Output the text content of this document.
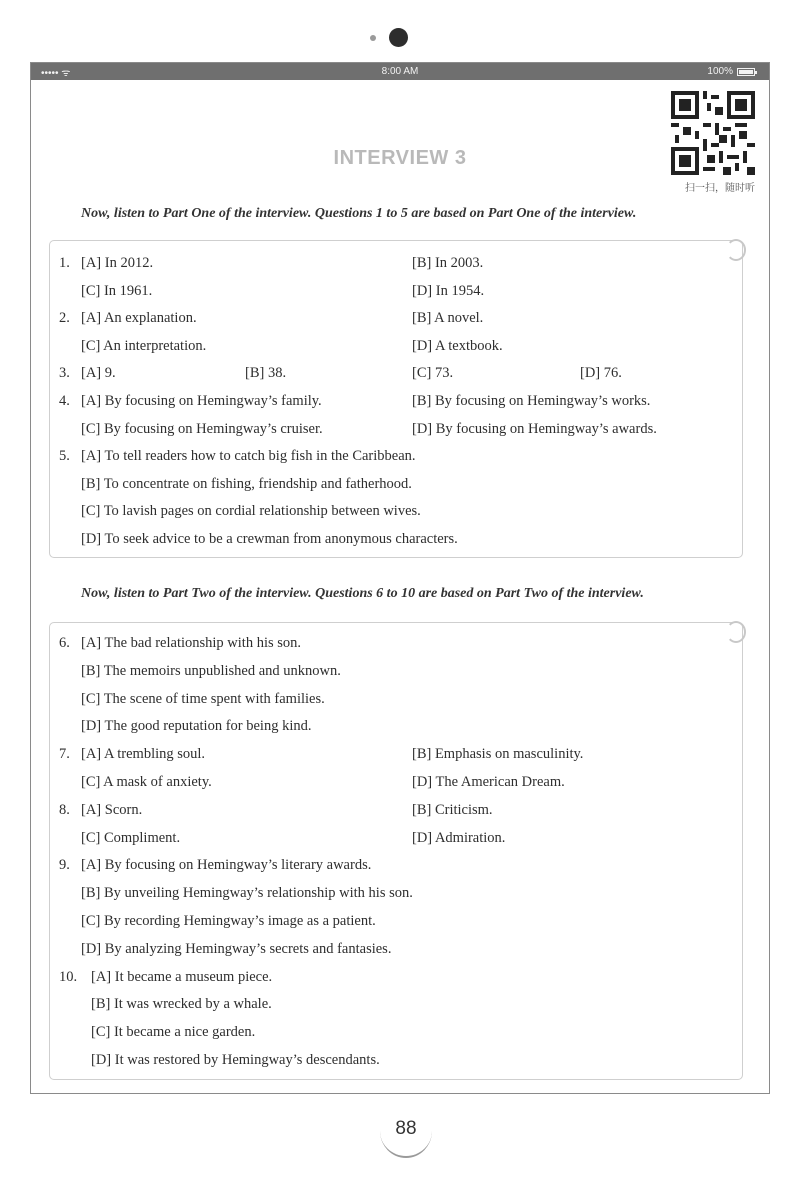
••••• ᯤ	8:00 AM	100%
INTERVIEW 3
扫一扫，随时听
Now, listen to Part One of the interview. Questions 1 to 5 are based on Part One of the interview.
Now, listen to Part Two of the interview. Questions 6 to 10 are based on Part Two of the interview.
1. [A] In 2012.	[B] In 2003.
[C] In 1961.	[D] In 1954.
2. [A] An explanation.	[B] A novel.
[C] An interpretation.	[D] A textbook.
3. [A] 9.	[B] 38.	[C] 73.	[D] 76.
4. [A] By focusing on Hemingway’s family.	[B] By focusing on Hemingway’s works.
[C] By focusing on Hemingway’s cruiser.	[D] By focusing on Hemingway’s awards.
5. [A] To tell readers how to catch big fish in the Caribbean.
[B] To concentrate on fishing, friendship and fatherhood.
[C] To lavish pages on cordial relationship between wives.
[D] To seek advice to be a crewman from anonymous characters.
6. [A] The bad relationship with his son.
[B] The memoirs unpublished and unknown.
[C] The scene of time spent with families.
[D] The good reputation for being kind.
7. [A] A trembling soul.	[B] Emphasis on masculinity.
[C] A mask of anxiety.	[D] The American Dream.
8. [A] Scorn.	[B] Criticism.
[C] Compliment.	[D] Admiration.
9. [A] By focusing on Hemingway’s literary awards.
[B] By unveiling Hemingway’s relationship with his son.
[C] By recording Hemingway’s image as a patient.
[D] By analyzing Hemingway’s secrets and fantasies.
10. [A] It became a museum piece.
[B] It was wrecked by a whale.
[C] It became a nice garden.
[D] It was restored by Hemingway’s descendants.
88
